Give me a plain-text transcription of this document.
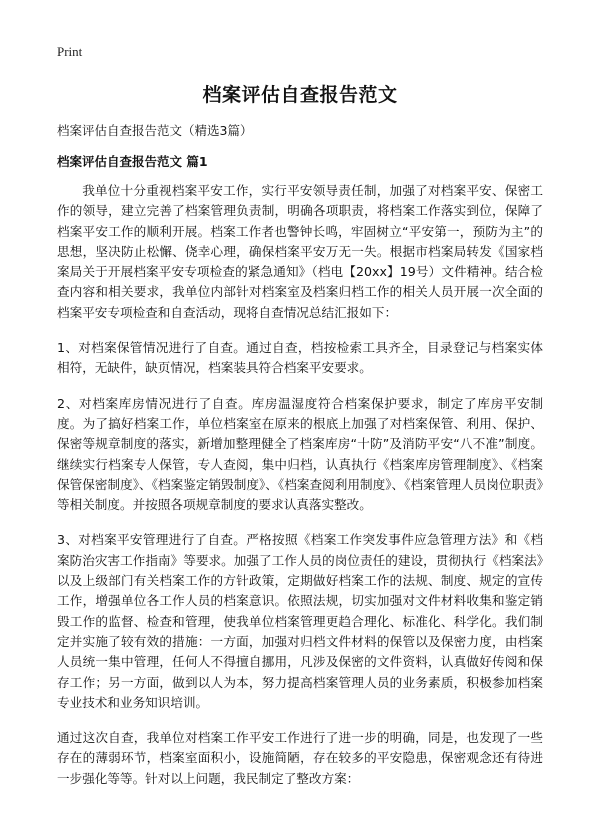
Print
档案评估自查报告范文
档案评估自查报告范文（精选3篇）
档案评估自查报告范文 篇1

我单位十分重视档案平安工作，实行平安领导责任制，加强了对档案平安、保密工作的领导，建立完善了档案管理负责制，明确各项职责，将档案工作落实到位，保障了档案平安工作的顺利开展。档案工作者也警钟长鸣，牢固树立“平安第一，预防为主”的思想，坚决防止松懈、侥幸心理，确保档案平安万无一失。根据市档案局转发《国家档案局关于开展档案平安专项检查的紧急通知》（档电【20xx】19号）文件精神。结合检查内容和相关要求，我单位内部针对档案室及档案归档工作的相关人员开展一次全面的档案平安专项检查和自查活动，现将自查情况总结汇报如下：

1、对档案保管情况进行了自查。通过自查，档按检索工具齐全，目录登记与档案实体相符，无缺件，缺页情况，档案装具符合档案平安要求。

2、对档案库房情况进行了自查。库房温湿度符合档案保护要求，制定了库房平安制度。为了搞好档案工作，单位档案室在原来的根底上加强了对档案保管、利用、保护、保密等规章制度的落实，新增加整理健全了档案库房“十防”及消防平安“八不准”制度。继续实行档案专人保管，专人查阅，集中归档，认真执行《档案库房管理制度》、《档案保管保密制度》、《档案鉴定销毁制度》、《档案查阅利用制度》、《档案管理人员岗位职责》等相关制度。并按照各项规章制度的要求认真落实整改。

3、对档案平安管理进行了自查。严格按照《档案工作突发事件应急管理方法》和《档案防治灾害工作指南》等要求。加强了工作人员的岗位责任的建设，贯彻执行《档案法》以及上级部门有关档案工作的方针政策，定期做好档案工作的法规、制度、规定的宣传工作，增强单位各工作人员的档案意识。依照法规，切实加强对文件材料收集和鉴定销毁工作的监督、检查和管理，使我单位档案管理更趋合理化、标准化、科学化。我们制定并实施了较有效的措施：一方面，加强对归档文件材料的保管以及保密力度，由档案人员统一集中管理，任何人不得擅自挪用，凡涉及保密的文件资料，认真做好传阅和保存工作；另一方面，做到以人为本，努力提高档案管理人员的业务素质，积极参加档案专业技术和业务知识培训。

通过这次自查，我单位对档案工作平安工作进行了进一步的明确，同是，也发现了一些存在的薄弱环节，档案室面积小，设施简陋，存在较多的平安隐患，保密观念还有待进一步强化等等。针对以上问题，我民制定了整改方案：
